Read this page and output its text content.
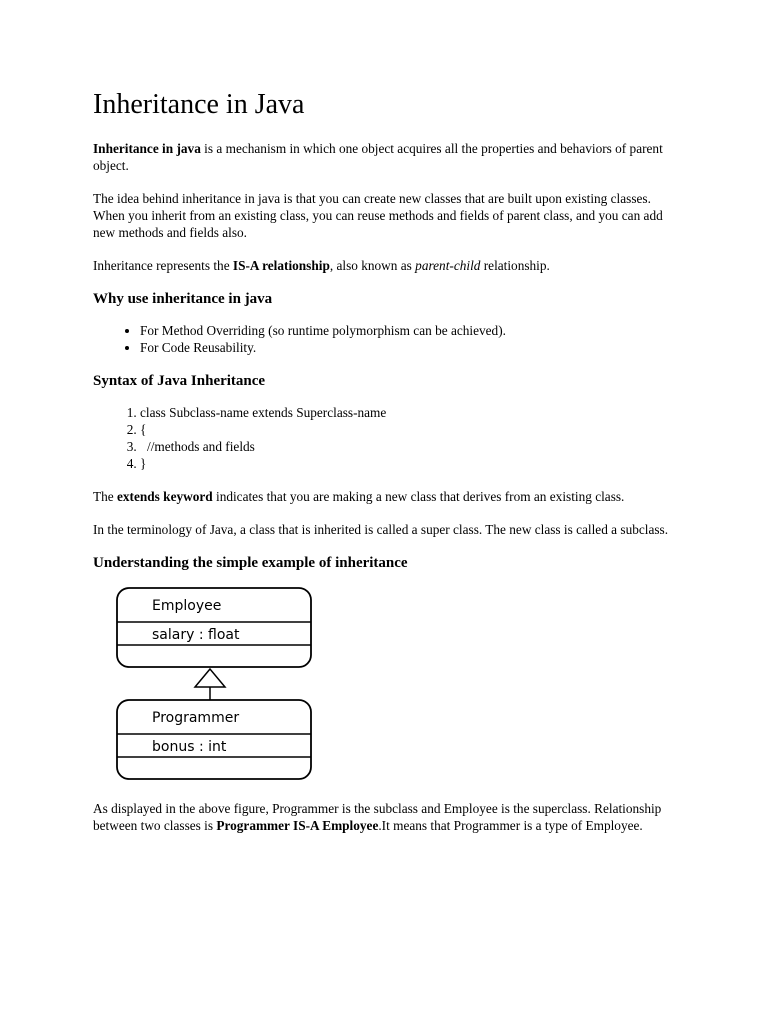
Inheritance in Java

Inheritance in java is a mechanism in which one object acquires all the properties and behaviors of parent object.

The idea behind inheritance in java is that you can create new classes that are built upon existing classes. When you inherit from an existing class, you can reuse methods and fields of parent class, and you can add new methods and fields also.

Inheritance represents the IS-A relationship, also known as parent-child relationship.

Why use inheritance in java
• For Method Overriding (so runtime polymorphism can be achieved).
• For Code Reusability.
Syntax of Java Inheritance
1. class Subclass-name extends Superclass-name
2. {
3. //methods and fields
4. }

The extends keyword indicates that you are making a new class that derives from an existing class.

In the terminology of Java, a class that is inherited is called a super class. The new class is called a subclass.

Understanding the simple example of inheritance
Employee
salary : float
Programmer
bonus : int

As displayed in the above figure, Programmer is the subclass and Employee is the superclass. Relationship between two classes is Programmer IS-A Employee.It means that Programmer is a type of Employee.
